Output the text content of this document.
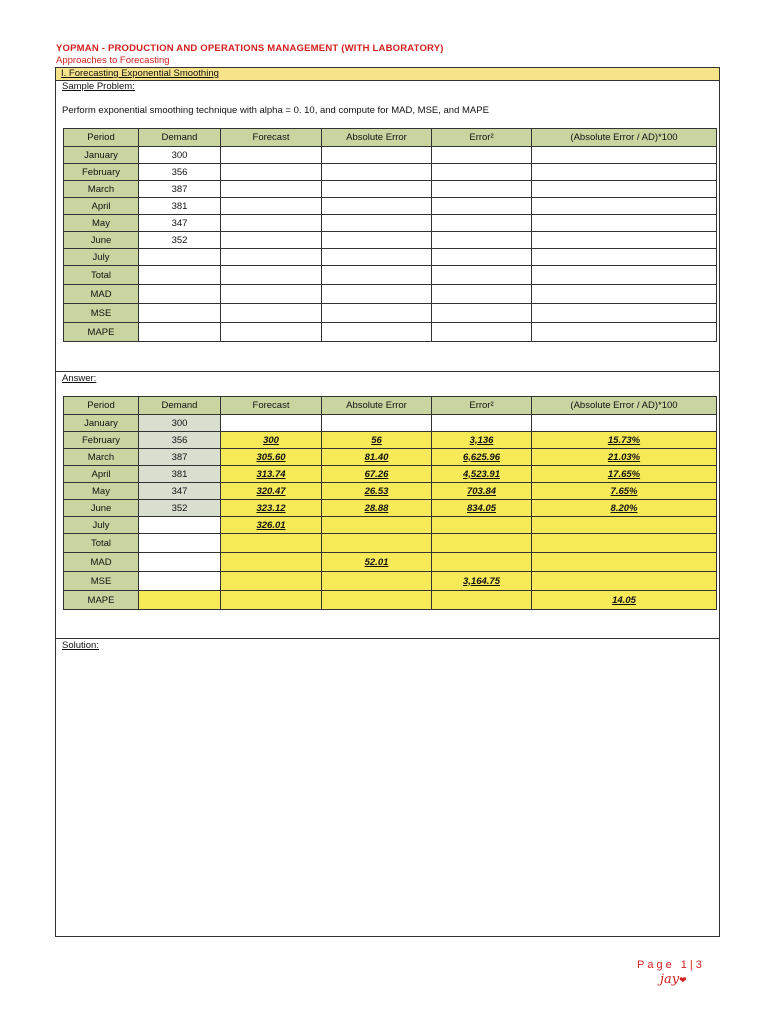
YOPMAN - PRODUCTION AND OPERATIONS MANAGEMENT (WITH LABORATORY)
Approaches to Forecasting
I. Forecasting Exponential Smoothing
Sample Problem:
Perform exponential smoothing technique with alpha = 0. 10, and compute for MAD, MSE, and MAPE
Period	Demand	Forecast	Absolute Error	Error²	(Absolute Error / AD)*100
January	300				
February	356				
March	387				
April	381				
May	347				
June	352				
July					
Total					
MAD					
MSE					
MAPE					
Answer:
Period	Demand	Forecast	Absolute Error	Error²	(Absolute Error / AD)*100
January	300				
February	356	300	56	3,136	15.73%
March	387	305.60	81.40	6,625.96	21.03%
April	381	313.74	67.26	4,523.91	17.65%
May	347	320.47	26.53	703.84	7.65%
June	352	323.12	28.88	834.05	8.20%
July		326.01			
Total					
MAD			52.01		
MSE				3,164.75	
MAPE					14.05
Solution:
Page 1|3
jay❤
